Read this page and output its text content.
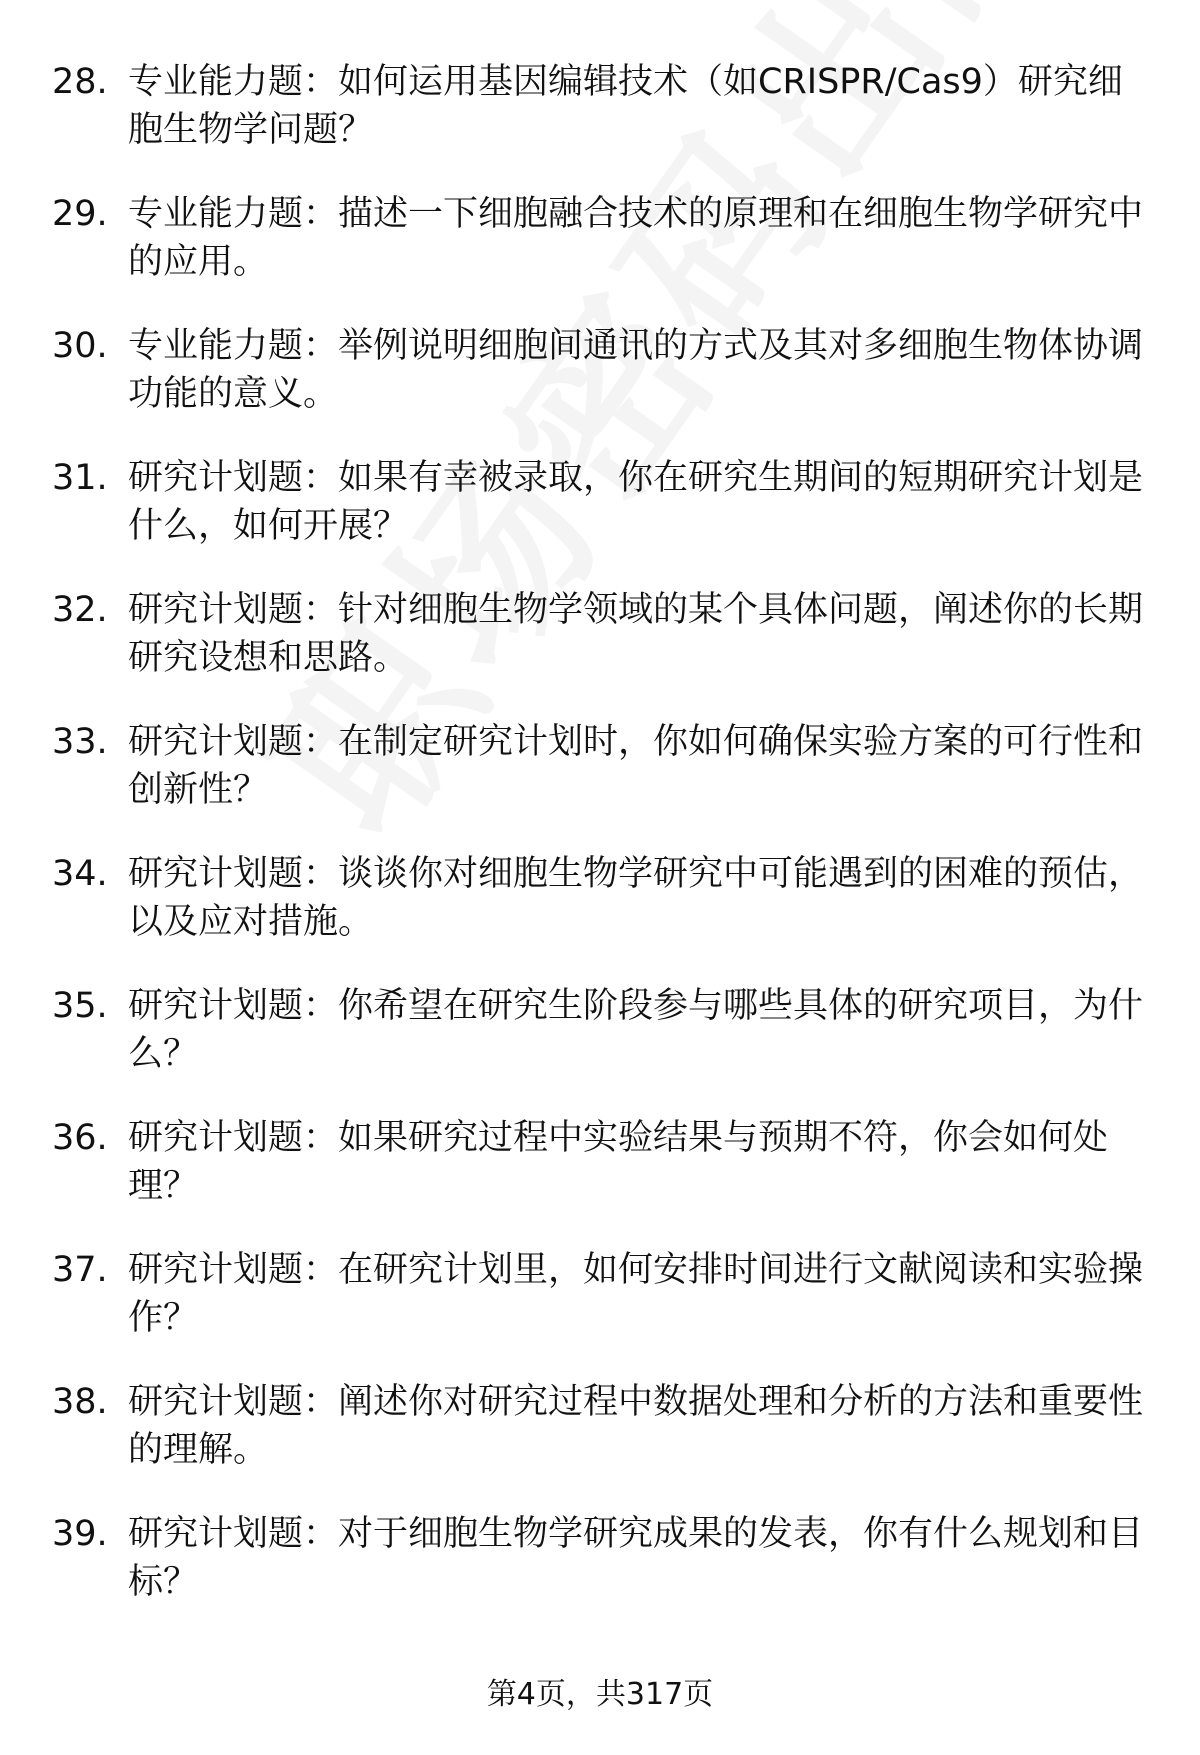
28. 专业能力题：如何运用基因编辑技术（如CRISPR/Cas9）研究细胞生物学问题？
29. 专业能力题：描述一下细胞融合技术的原理和在细胞生物学研究中的应用。
30. 专业能力题：举例说明细胞间通讯的方式及其对多细胞生物体协调功能的意义。
31. 研究计划题：如果有幸被录取，你在研究生期间的短期研究计划是什么，如何开展？
32. 研究计划题：针对细胞生物学领域的某个具体问题，阐述你的长期研究设想和思路。
33. 研究计划题：在制定研究计划时，你如何确保实验方案的可行性和创新性？
34. 研究计划题：谈谈你对细胞生物学研究中可能遇到的困难的预估，以及应对措施。
35. 研究计划题：你希望在研究生阶段参与哪些具体的研究项目，为什么？
36. 研究计划题：如果研究过程中实验结果与预期不符，你会如何处理？
37. 研究计划题：在研究计划里，如何安排时间进行文献阅读和实验操作？
38. 研究计划题：阐述你对研究过程中数据处理和分析的方法和重要性的理解。
39. 研究计划题：对于细胞生物学研究成果的发表，你有什么规划和目标？
第4页，共317页
